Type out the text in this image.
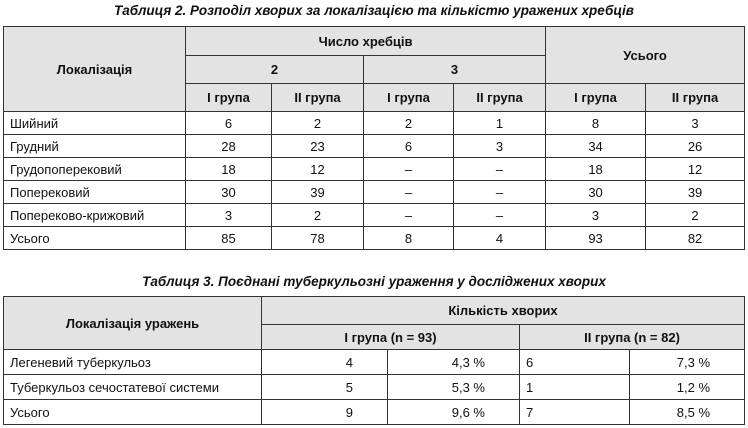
Таблиця 2. Розподіл хворих за локалізацією та кількістю уражених хребців
Локалізація	Число хребців				Усього	
	2		3			
	І група	ІІ група	І група	ІІ група	І група	ІІ група
Шийний	6	2	2	1	8	3
Грудний	28	23	6	3	34	26
Грудопоперековий	18	12	–	–	18	12
Поперековий	30	39	–	–	30	39
Попереково-крижовий	3	2	–	–	3	2
Усього	85	78	8	4	93	82
Таблиця 3. Поєднані туберкульозні ураження у досліджених хворих
Локалізація уражень	Кількість хворих			
	І група (n = 93)		ІІ група (n = 82)	
Легеневий туберкульоз	4	4,3 %	6	7,3 %
Туберкульоз сечостатевої системи	5	5,3 %	1	1,2 %
Усього	9	9,6 %	7	8,5 %
